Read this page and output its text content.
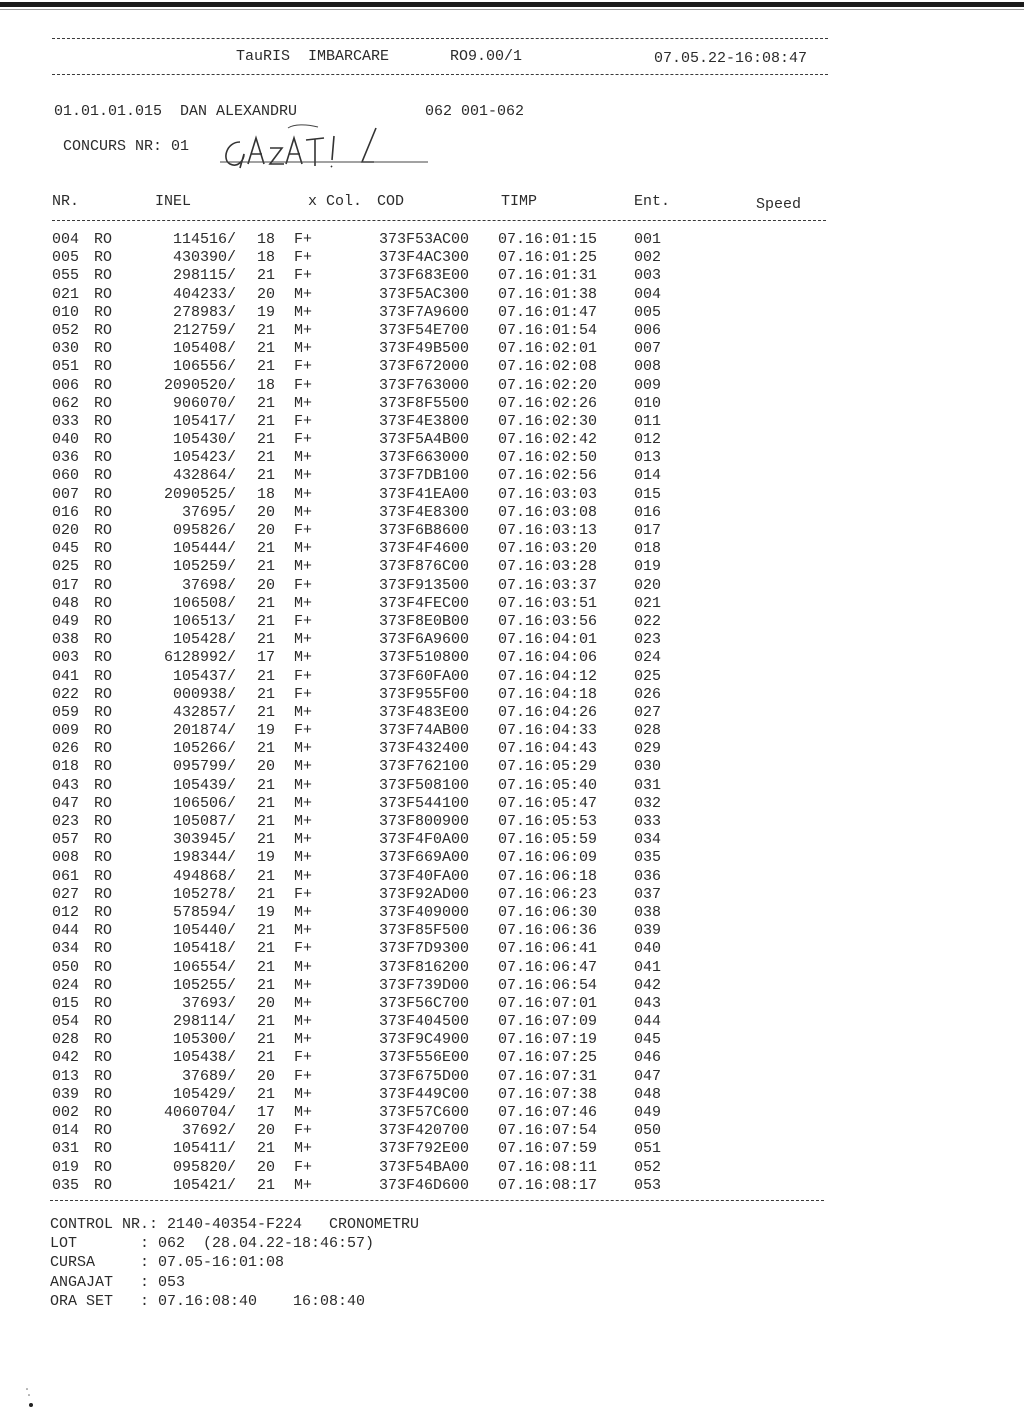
TauRIS  IMBARCARE	RO9.00/1	07.05.22-16:08:47
01.01.01.015  DAN ALEXANDRU	062 001-062
CONCURS NR: 01
NR.	INEL	x Col. COD	TIMP	Ent.	Speed
004 RO	114516/ 18 F+	373F53AC00 07.16:01:15 001
005 RO	430390/ 18 F+	373F4AC300 07.16:01:25 002
055 RO	298115/ 21 F+	373F683E00 07.16:01:31 003
021 RO	404233/ 20 M+	373F5AC300 07.16:01:38 004
010 RO	278983/ 19 M+	373F7A9600 07.16:01:47 005
052 RO	212759/ 21 M+	373F54E700 07.16:01:54 006
030 RO	105408/ 21 M+	373F49B500 07.16:02:01 007
051 RO	106556/ 21 F+	373F672000 07.16:02:08 008
006 RO	2090520/ 18 F+	373F763000 07.16:02:20 009
062 RO	906070/ 21 M+	373F8F5500 07.16:02:26 010
033 RO	105417/ 21 F+	373F4E3800 07.16:02:30 011
040 RO	105430/ 21 F+	373F5A4B00 07.16:02:42 012
036 RO	105423/ 21 M+	373F663000 07.16:02:50 013
060 RO	432864/ 21 M+	373F7DB100 07.16:02:56 014
007 RO	2090525/ 18 M+	373F41EA00 07.16:03:03 015
016 RO	37695/ 20 M+	373F4E8300 07.16:03:08 016
020 RO	095826/ 20 F+	373F6B8600 07.16:03:13 017
045 RO	105444/ 21 M+	373F4F4600 07.16:03:20 018
025 RO	105259/ 21 M+	373F876C00 07.16:03:28 019
017 RO	37698/ 20 F+	373F913500 07.16:03:37 020
048 RO	106508/ 21 M+	373F4FEC00 07.16:03:51 021
049 RO	106513/ 21 F+	373F8E0B00 07.16:03:56 022
038 RO	105428/ 21 M+	373F6A9600 07.16:04:01 023
003 RO	6128992/ 17 M+	373F510800 07.16:04:06 024
041 RO	105437/ 21 F+	373F60FA00 07.16:04:12 025
022 RO	000938/ 21 F+	373F955F00 07.16:04:18 026
059 RO	432857/ 21 M+	373F483E00 07.16:04:26 027
009 RO	201874/ 19 F+	373F74AB00 07.16:04:33 028
026 RO	105266/ 21 M+	373F432400 07.16:04:43 029
018 RO	095799/ 20 M+	373F762100 07.16:05:29 030
043 RO	105439/ 21 M+	373F508100 07.16:05:40 031
047 RO	106506/ 21 M+	373F544100 07.16:05:47 032
023 RO	105087/ 21 M+	373F800900 07.16:05:53 033
057 RO	303945/ 21 M+	373F4F0A00 07.16:05:59 034
008 RO	198344/ 19 M+	373F669A00 07.16:06:09 035
061 RO	494868/ 21 M+	373F40FA00 07.16:06:18 036
027 RO	105278/ 21 F+	373F92AD00 07.16:06:23 037
012 RO	578594/ 19 M+	373F409000 07.16:06:30 038
044 RO	105440/ 21 M+	373F85F500 07.16:06:36 039
034 RO	105418/ 21 F+	373F7D9300 07.16:06:41 040
050 RO	106554/ 21 M+	373F816200 07.16:06:47 041
024 RO	105255/ 21 M+	373F739D00 07.16:06:54 042
015 RO	37693/ 20 M+	373F56C700 07.16:07:01 043
054 RO	298114/ 21 M+	373F404500 07.16:07:09 044
028 RO	105300/ 21 M+	373F9C4900 07.16:07:19 045
042 RO	105438/ 21 F+	373F556E00 07.16:07:25 046
013 RO	37689/ 20 F+	373F675D00 07.16:07:31 047
039 RO	105429/ 21 M+	373F449C00 07.16:07:38 048
002 RO	4060704/ 17 M+	373F57C600 07.16:07:46 049
014 RO	37692/ 20 F+	373F420700 07.16:07:54 050
031 RO	105411/ 21 M+	373F792E00 07.16:07:59 051
019 RO	095820/ 20 F+	373F54BA00 07.16:08:11 052
035 RO	105421/ 21 M+	373F46D600 07.16:08:17 053
CONTROL NR.: 2140-40354-F224   CRONOMETRU
LOT       : 062  (28.04.22-18:46:57)
CURSA     : 07.05-16:01:08
ANGAJAT   : 053
ORA SET   : 07.16:08:40    16:08:40
